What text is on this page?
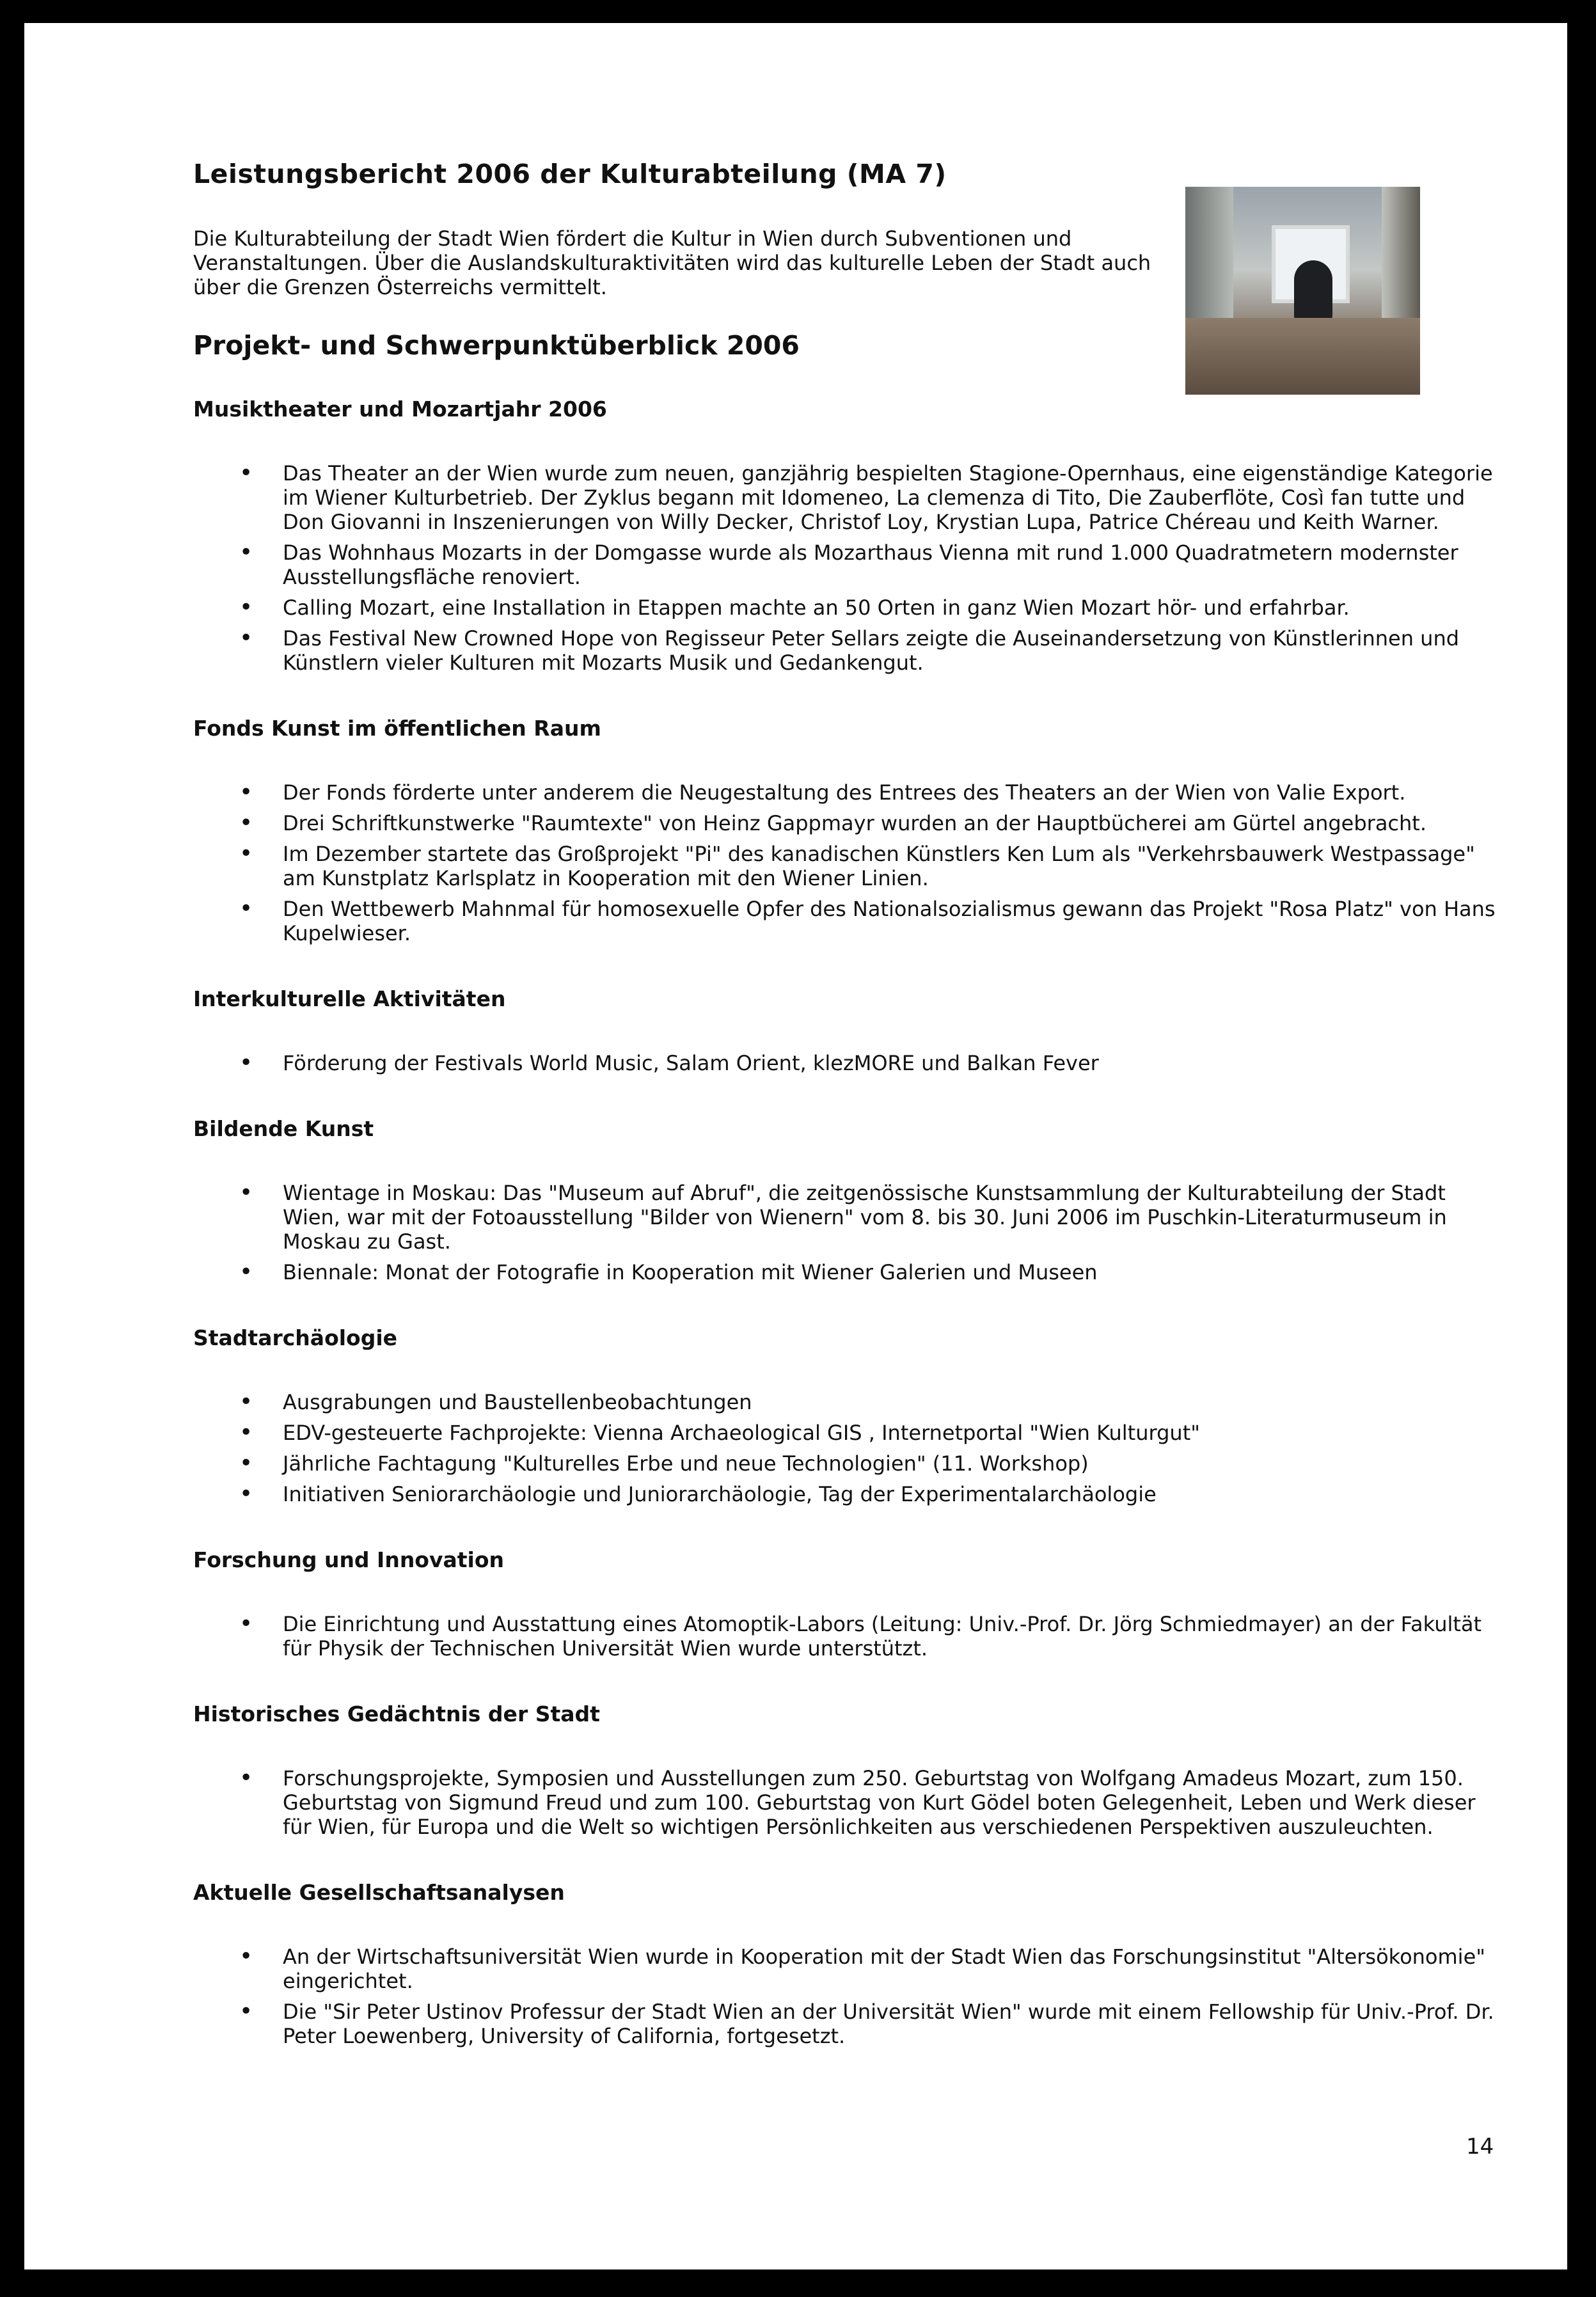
Leistungsbericht 2006 der Kulturabteilung (MA 7)

Die Kulturabteilung der Stadt Wien fördert die Kultur in Wien durch Subventionen und Veranstaltungen. Über die Auslandskulturaktivitäten wird das kulturelle Leben der Stadt auch über die Grenzen Österreichs vermittelt.

Projekt- und Schwerpunktüberblick 2006
Musiktheater und Mozartjahr 2006
• Das Theater an der Wien wurde zum neuen, ganzjährig bespielten Stagione-Opernhaus, eine eigenständige Kategorie im Wiener Kulturbetrieb. Der Zyklus begann mit Idomeneo, La clemenza di Tito, Die Zauberflöte, Così fan tutte und Don Giovanni in Inszenierungen von Willy Decker, Christof Loy, Krystian Lupa, Patrice Chéreau und Keith Warner.
• Das Wohnhaus Mozarts in der Domgasse wurde als Mozarthaus Vienna mit rund 1.000 Quadratmetern modernster Ausstellungsfläche renoviert.
• Calling Mozart, eine Installation in Etappen machte an 50 Orten in ganz Wien Mozart hör- und erfahrbar.
• Das Festival New Crowned Hope von Regisseur Peter Sellars zeigte die Auseinandersetzung von Künstlerinnen und Künstlern vieler Kulturen mit Mozarts Musik und Gedankengut.
Fonds Kunst im öffentlichen Raum
• Der Fonds förderte unter anderem die Neugestaltung des Entrees des Theaters an der Wien von Valie Export.
• Drei Schriftkunstwerke "Raumtexte" von Heinz Gappmayr wurden an der Hauptbücherei am Gürtel angebracht.
• Im Dezember startete das Großprojekt "Pi" des kanadischen Künstlers Ken Lum als "Verkehrsbauwerk Westpassage" am Kunstplatz Karlsplatz in Kooperation mit den Wiener Linien.
• Den Wettbewerb Mahnmal für homosexuelle Opfer des Nationalsozialismus gewann das Projekt "Rosa Platz" von Hans Kupelwieser.
Interkulturelle Aktivitäten
• Förderung der Festivals World Music, Salam Orient, klezMORE und Balkan Fever
Bildende Kunst
• Wientage in Moskau: Das "Museum auf Abruf", die zeitgenössische Kunstsammlung der Kulturabteilung der Stadt Wien, war mit der Fotoausstellung "Bilder von Wienern" vom 8. bis 30. Juni 2006 im Puschkin-Literaturmuseum in Moskau zu Gast.
• Biennale: Monat der Fotografie in Kooperation mit Wiener Galerien und Museen
Stadtarchäologie
• Ausgrabungen und Baustellenbeobachtungen
• EDV-gesteuerte Fachprojekte: Vienna Archaeological GIS , Internetportal "Wien Kulturgut"
• Jährliche Fachtagung "Kulturelles Erbe und neue Technologien" (11. Workshop)
• Initiativen Seniorarchäologie und Juniorarchäologie, Tag der Experimentalarchäologie
Forschung und Innovation
• Die Einrichtung und Ausstattung eines Atomoptik-Labors (Leitung: Univ.-Prof. Dr. Jörg Schmiedmayer) an der Fakultät für Physik der Technischen Universität Wien wurde unterstützt.
Historisches Gedächtnis der Stadt
• Forschungsprojekte, Symposien und Ausstellungen zum 250. Geburtstag von Wolfgang Amadeus Mozart, zum 150. Geburtstag von Sigmund Freud und zum 100. Geburtstag von Kurt Gödel boten Gelegenheit, Leben und Werk dieser für Wien, für Europa und die Welt so wichtigen Persönlichkeiten aus verschiedenen Perspektiven auszuleuchten.
Aktuelle Gesellschaftsanalysen
• An der Wirtschaftsuniversität Wien wurde in Kooperation mit der Stadt Wien das Forschungsinstitut "Altersökonomie" eingerichtet.
• Die "Sir Peter Ustinov Professur der Stadt Wien an der Universität Wien" wurde mit einem Fellowship für Univ.-Prof. Dr. Peter Loewenberg, University of California, fortgesetzt.
14
